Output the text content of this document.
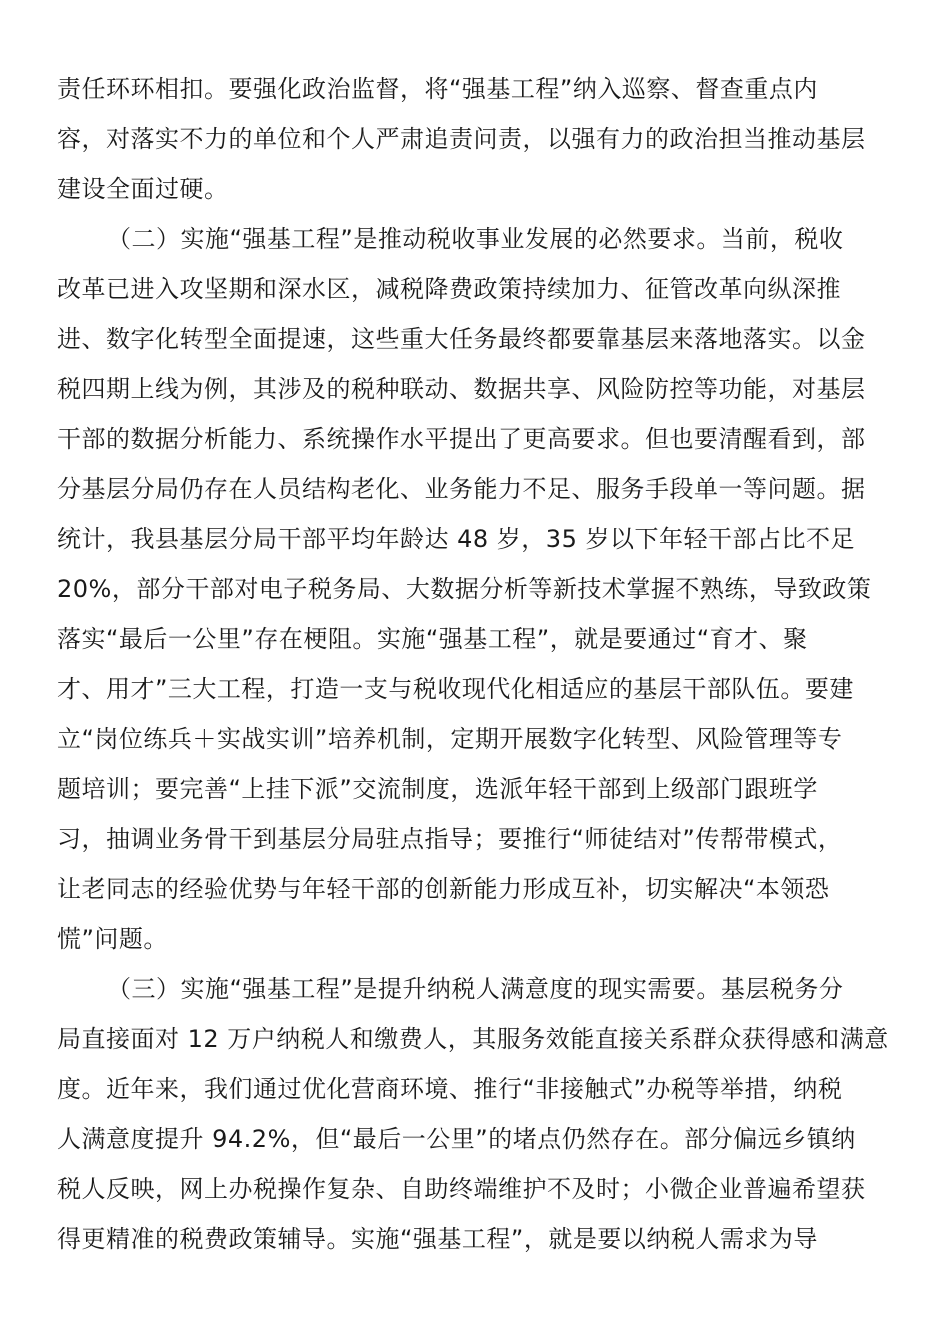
责任环环相扣。要强化政治监督，将“强基工程”纳入巡察、督查重点内
容，对落实不力的单位和个人严肃追责问责，以强有力的政治担当推动基层
建设全面过硬。
（二）实施“强基工程”是推动税收事业发展的必然要求。当前，税收
改革已进入攻坚期和深水区，减税降费政策持续加力、征管改革向纵深推
进、数字化转型全面提速，这些重大任务最终都要靠基层来落地落实。以金
税四期上线为例，其涉及的税种联动、数据共享、风险防控等功能，对基层
干部的数据分析能力、系统操作水平提出了更高要求。但也要清醒看到，部
分基层分局仍存在人员结构老化、业务能力不足、服务手段单一等问题。据
统计，我县基层分局干部平均年龄达 48 岁，35 岁以下年轻干部占比不足
20%，部分干部对电子税务局、大数据分析等新技术掌握不熟练，导致政策
落实“最后一公里”存在梗阻。实施“强基工程”，就是要通过“育才、聚
才、用才”三大工程，打造一支与税收现代化相适应的基层干部队伍。要建
立“岗位练兵＋实战实训”培养机制，定期开展数字化转型、风险管理等专
题培训；要完善“上挂下派”交流制度，选派年轻干部到上级部门跟班学
习，抽调业务骨干到基层分局驻点指导；要推行“师徒结对”传帮带模式，
让老同志的经验优势与年轻干部的创新能力形成互补，切实解决“本领恐
慌”问题。
（三）实施“强基工程”是提升纳税人满意度的现实需要。基层税务分
局直接面对 12 万户纳税人和缴费人，其服务效能直接关系群众获得感和满意
度。近年来，我们通过优化营商环境、推行“非接触式”办税等举措，纳税
人满意度提升 94.2%，但“最后一公里”的堵点仍然存在。部分偏远乡镇纳
税人反映，网上办税操作复杂、自助终端维护不及时；小微企业普遍希望获
得更精准的税费政策辅导。实施“强基工程”，就是要以纳税人需求为导
